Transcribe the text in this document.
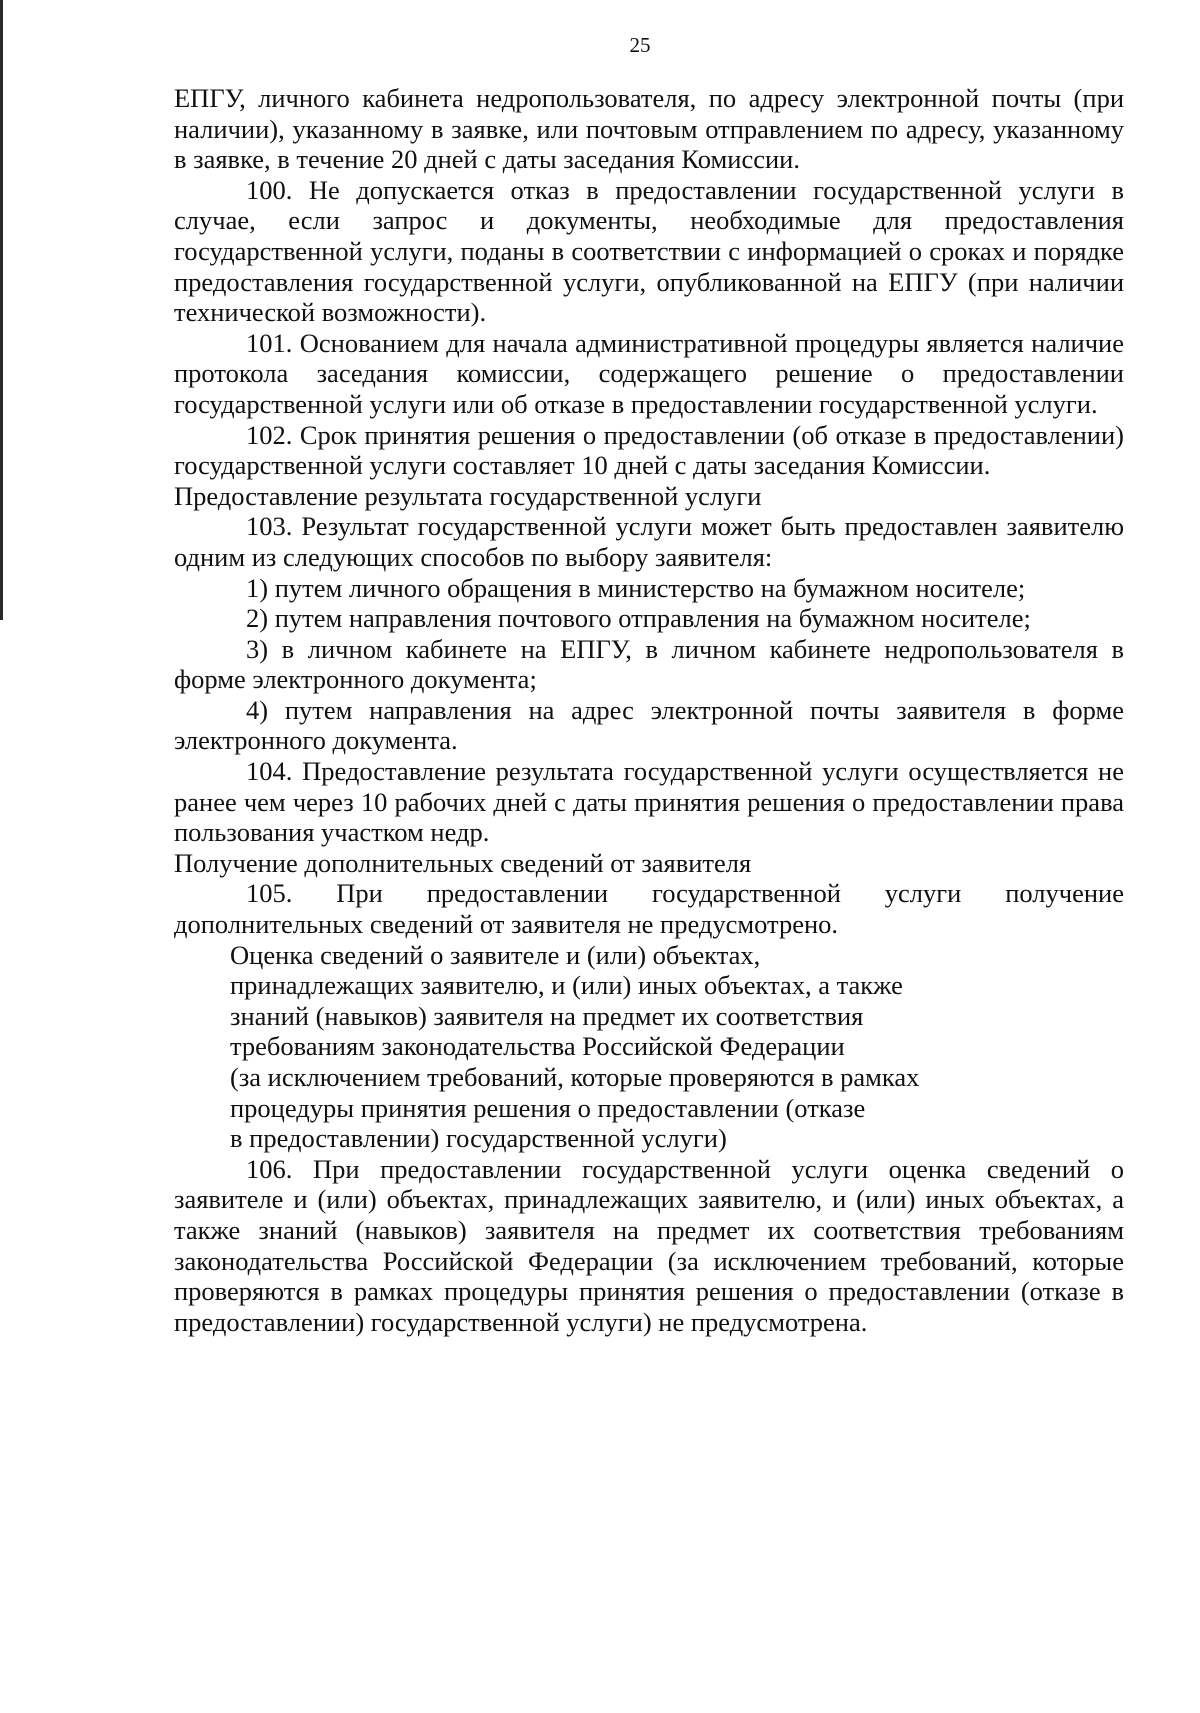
25

ЕПГУ, личного кабинета недропользователя, по адресу электронной почты (при наличии), указанному в заявке, или почтовым отправлением по адресу, указанному в заявке, в течение 20 дней с даты заседания Комиссии.

100. Не допускается отказ в предоставлении государственной услуги в случае, если запрос и документы, необходимые для предоставления государственной услуги, поданы в соответствии с информацией о сроках и порядке предоставления государственной услуги, опубликованной на ЕПГУ (при наличии технической возможности).

101. Основанием для начала административной процедуры является наличие протокола заседания комиссии, содержащего решение о предоставлении государственной услуги или об отказе в предоставлении государственной услуги.

102. Срок принятия решения о предоставлении (об отказе в предоставлении) государственной услуги составляет 10 дней с даты заседания Комиссии.

Предоставление результата государственной услуги

103. Результат государственной услуги может быть предоставлен заявителю одним из следующих способов по выбору заявителя:

1) путем личного обращения в министерство на бумажном носителе;

2) путем направления почтового отправления на бумажном носителе;

3) в личном кабинете на ЕПГУ, в личном кабинете недропользователя в форме электронного документа;

4) путем направления на адрес электронной почты заявителя в форме электронного документа.

104. Предоставление результата государственной услуги осуществляется не ранее чем через 10 рабочих дней с даты принятия решения о предоставлении права пользования участком недр.

Получение дополнительных сведений от заявителя

105. При предоставлении государственной услуги получение дополнительных сведений от заявителя не предусмотрено.

Оценка сведений о заявителе и (или) объектах,
принадлежащих заявителю, и (или) иных объектах, а также
знаний (навыков) заявителя на предмет их соответствия
требованиям законодательства Российской Федерации
(за исключением требований, которые проверяются в рамках
процедуры принятия решения о предоставлении (отказе
в предоставлении) государственной услуги)

106. При предоставлении государственной услуги оценка сведений о заявителе и (или) объектах, принадлежащих заявителю, и (или) иных объектах, а также знаний (навыков) заявителя на предмет их соответствия требованиям законодательства Российской Федерации (за исключением требований, которые проверяются в рамках процедуры принятия решения о предоставлении (отказе в предоставлении) государственной услуги) не предусмотрена.
